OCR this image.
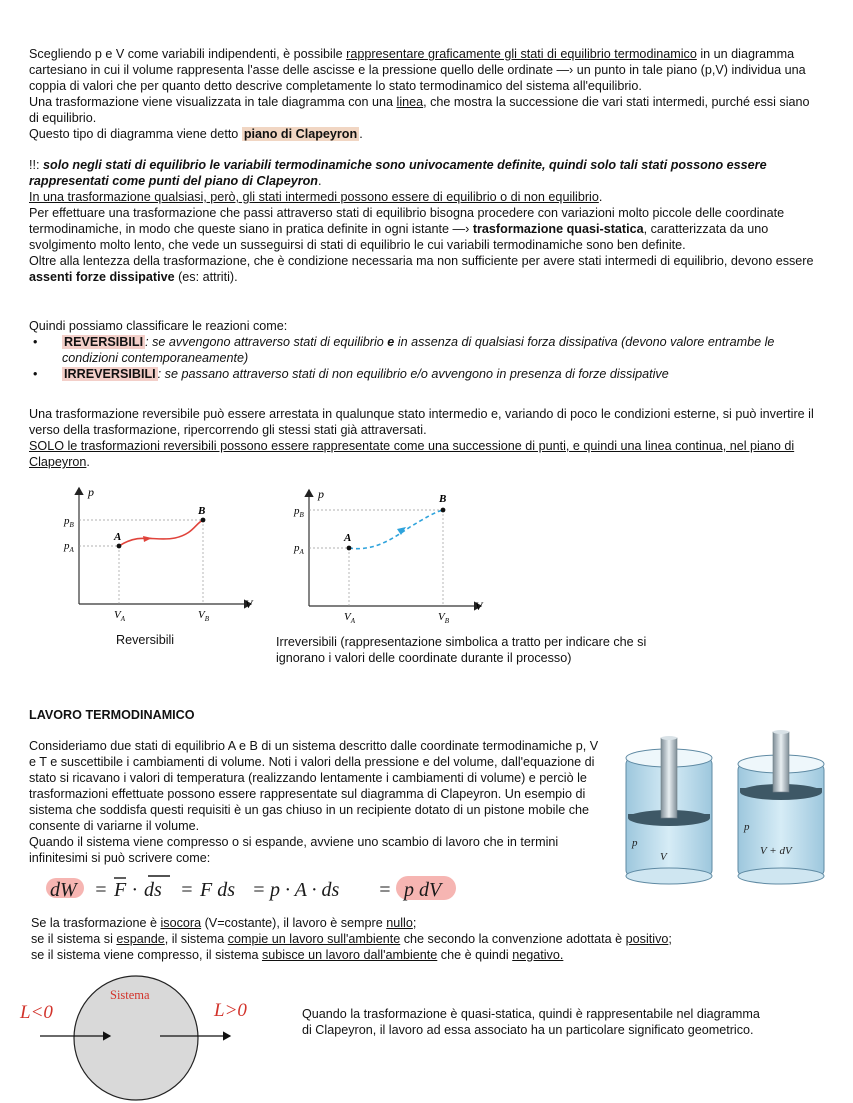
Scegliendo p e V come variabili indipendenti, è possibile rappresentare graficamente gli stati di equilibrio termodinamico in un diagramma cartesiano in cui il volume rappresenta l'asse delle ascisse e la pressione quello delle ordinate —› un punto in tale piano (p,V) individua una coppia di valori che per quanto detto descrive completamente lo stato termodinamico del sistema all'equilibrio.

Una trasformazione viene visualizzata in tale diagramma con una linea, che mostra la succession​e die vari stati intermedi, purché essi siano di equilibrio.

Questo tipo di diagramma viene detto piano di Clapeyron .

!!: solo negli stati di equilibrio le variabili termodinamiche sono univocamente definite, quindi solo tali stati possono essere rappresentati come punti del piano di Clapeyron.

In una trasformazione qualsiasi, però, gli stati intermedi possono essere di equilibrio o di non equilibrio.

Per effettuare una trasformazione che passi attraverso stati di equilibrio bisogna procedere con variazioni molto piccole delle coordinate termodinamiche, in modo che queste siano in pratica definite in ogni istante —› trasformazione quasi-statica, caratterizzata da uno svolgimento molto lento, che vede un susseguirsi di stati di equilibrio le cui variabili termodinamiche sono ben definite.

Oltre alla lentezza della trasformazione, che è condizione necessaria ma non sufficiente per avere stati intermedi di equilibrio, devono essere assenti forze dissipative (es: attriti).

Quindi possiamo classificare le reazioni come:

• REVERSIBILI : se avvengono attraverso stati di equilibrio e in assenza di qualsiasi forza dissipativa (devono valore entrambe le condizioni contemporaneamente)
• IRREVERSIBILI : se passano attraverso stati di non equilibrio e/o avvengono in presenza di forze dissipative

Una trasformazione reversibile può essere arrestata in qualunque stato intermedio e, variando di poco le condizioni esterne, si può invertire il verso della trasformazione, ripercorrendo gli stessi stati già attraversati.

SOLO le trasformazioni reversibili possono essere rappresentate come una successione di punti, e quindi una linea continua, nel piano di Clapeyron.

p
V
$p_B$
$p_A$
$V_A$	$V_B$
A
B
Reversibili
p
V
$p_B$
$p_A$
$V_A$	$V_B$
A
B
Irreversibili (rappresentazione simbolica a tratto per indicare che si ignorano i valori delle coordinate durante il processo)
LAVORO TERMODINAMICO

Consideriamo due stati di equilibrio A e B di un sistema descritto dalle coordinate termodinamiche p, V e T e suscettibile i cambiamenti di volume. Noti i valori della pressione e del volume, dall'equazione di stato si ricavano i valori di temperatura (realizzando lentamente i cambiamenti di volume) e perciò le trasformazioni effettuate possono essere rappresentate sul diagramma di Clapeyron. Un esempio di sistema che soddisfa questi requisiti è un gas chiuso in un recipiente dotato di un pistone mobile che consente di variarne il volume.

Quando il sistema viene compresso o si espande, avviene uno scambio di lavoro che in termini infinitesimi si può scrivere come:

p
V
p
V + dV
dW = F · ds = F ds = p · A · ds = p dV

Se la trasformazione è isocora (V=costante), il lavoro è sempre nullo;

se il sistema si espande, il sistema compie un lavoro sull'ambiente che secondo la convenzione adottata è positivo;

se il sistema viene compresso, il sistema subisce un lavoro dall'ambiente che è quindi negativo.

Sistema
L<0	L>0	Quando la trasformazione è quasi-statica, quindi è rappresentabile nel diagramma di Clapeyron, il lavoro ad essa associato ha un particolare significato geometrico.
